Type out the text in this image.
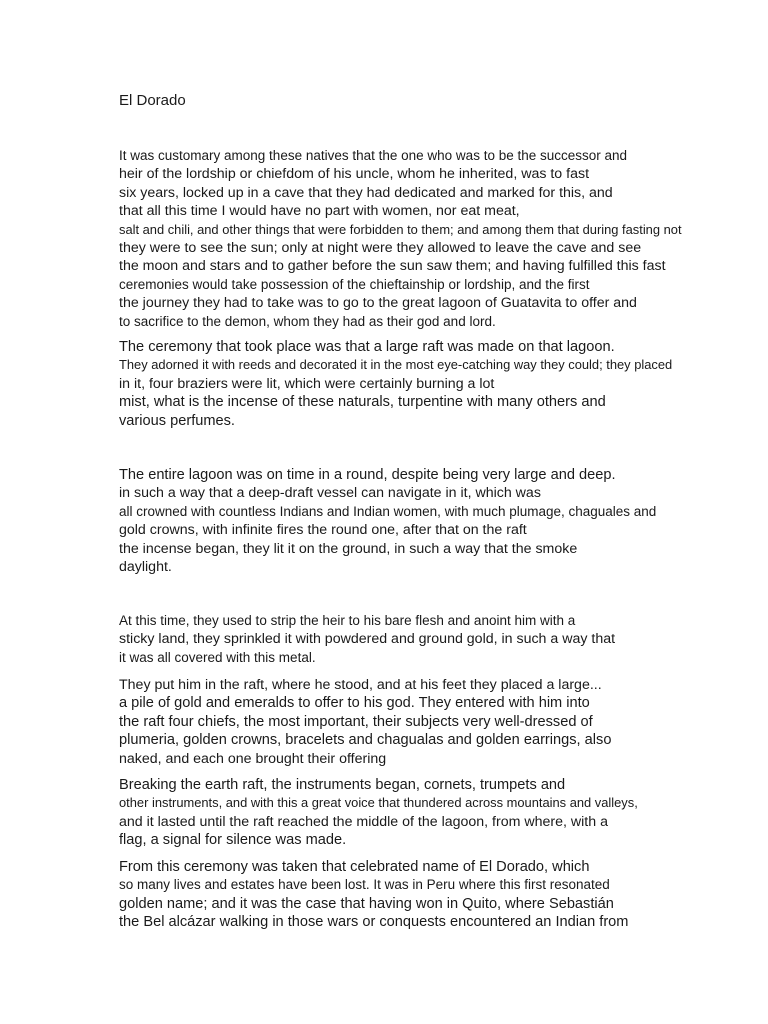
El Dorado
It was customary among these natives that the one who was to be the successor and
heir of the lordship or chiefdom of his uncle, whom he inherited, was to fast
six years, locked up in a cave that they had dedicated and marked for this, and
that all this time I would have no part with women, nor eat meat,
salt and chili, and other things that were forbidden to them; and among them that during fasting not
they were to see the sun; only at night were they allowed to leave the cave and see
the moon and stars and to gather before the sun saw them; and having fulfilled this fast
ceremonies would take possession of the chieftainship or lordship, and the first
the journey they had to take was to go to the great lagoon of Guatavita to offer and
to sacrifice to the demon, whom they had as their god and lord.
The ceremony that took place was that a large raft was made on that lagoon.
They adorned it with reeds and decorated it in the most eye-catching way they could; they placed
in it, four braziers were lit, which were certainly burning a lot
mist, what is the incense of these naturals, turpentine with many others and
various perfumes.
The entire lagoon was on time in a round, despite being very large and deep.
in such a way that a deep-draft vessel can navigate in it, which was
all crowned with countless Indians and Indian women, with much plumage, chaguales and
gold crowns, with infinite fires the round one, after that on the raft
the incense began, they lit it on the ground, in such a way that the smoke
daylight.
At this time, they used to strip the heir to his bare flesh and anoint him with a
sticky land, they sprinkled it with powdered and ground gold, in such a way that
it was all covered with this metal.
They put him in the raft, where he stood, and at his feet they placed a large...
a pile of gold and emeralds to offer to his god. They entered with him into
the raft four chiefs, the most important, their subjects very well-dressed of
plumeria, golden crowns, bracelets and chagualas and golden earrings, also
naked, and each one brought their offering
Breaking the earth raft, the instruments began, cornets, trumpets and
other instruments, and with this a great voice that thundered across mountains and valleys,
and it lasted until the raft reached the middle of the lagoon, from where, with a
flag, a signal for silence was made.
From this ceremony was taken that celebrated name of El Dorado, which
so many lives and estates have been lost. It was in Peru where this first resonated
golden name; and it was the case that having won in Quito, where Sebastián
the Bel alcázar walking in those wars or conquests encountered an Indian from
